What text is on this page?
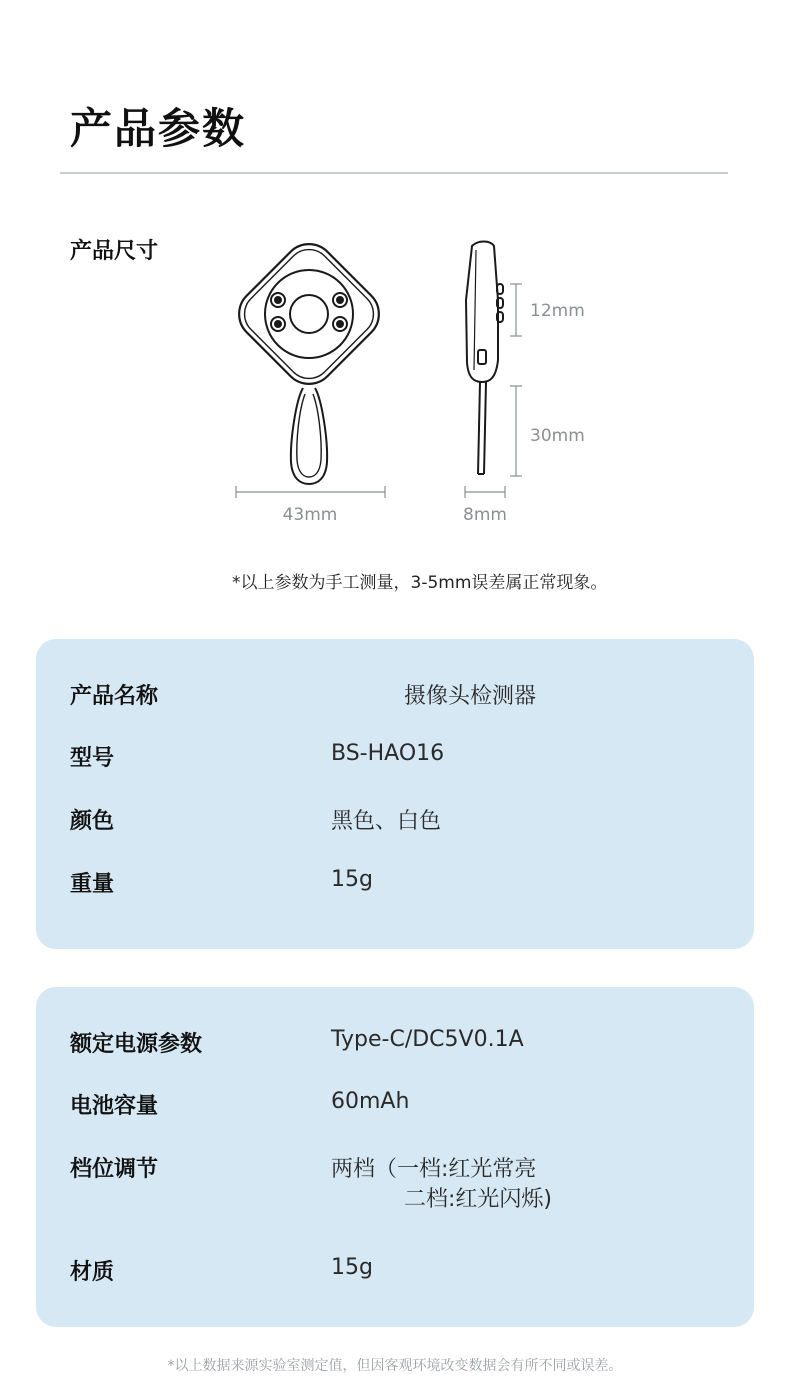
产品参数
产品尺寸
43mm	8mm
12mm
30mm
*以上参数为手工测量，3-5mm误差属正常现象。
产品名称	摄像头检测器
型号	BS-HAO16
颜色	黑色、白色
重量	15g
额定电源参数	Type-C/DC5V0.1A
电池容量	60mAh
档位调节	两档（一档:红光常亮
二档:红光闪烁)
材质	15g
*以上数据来源实验室测定值，但因客观环境改变数据会有所不同或误差。
